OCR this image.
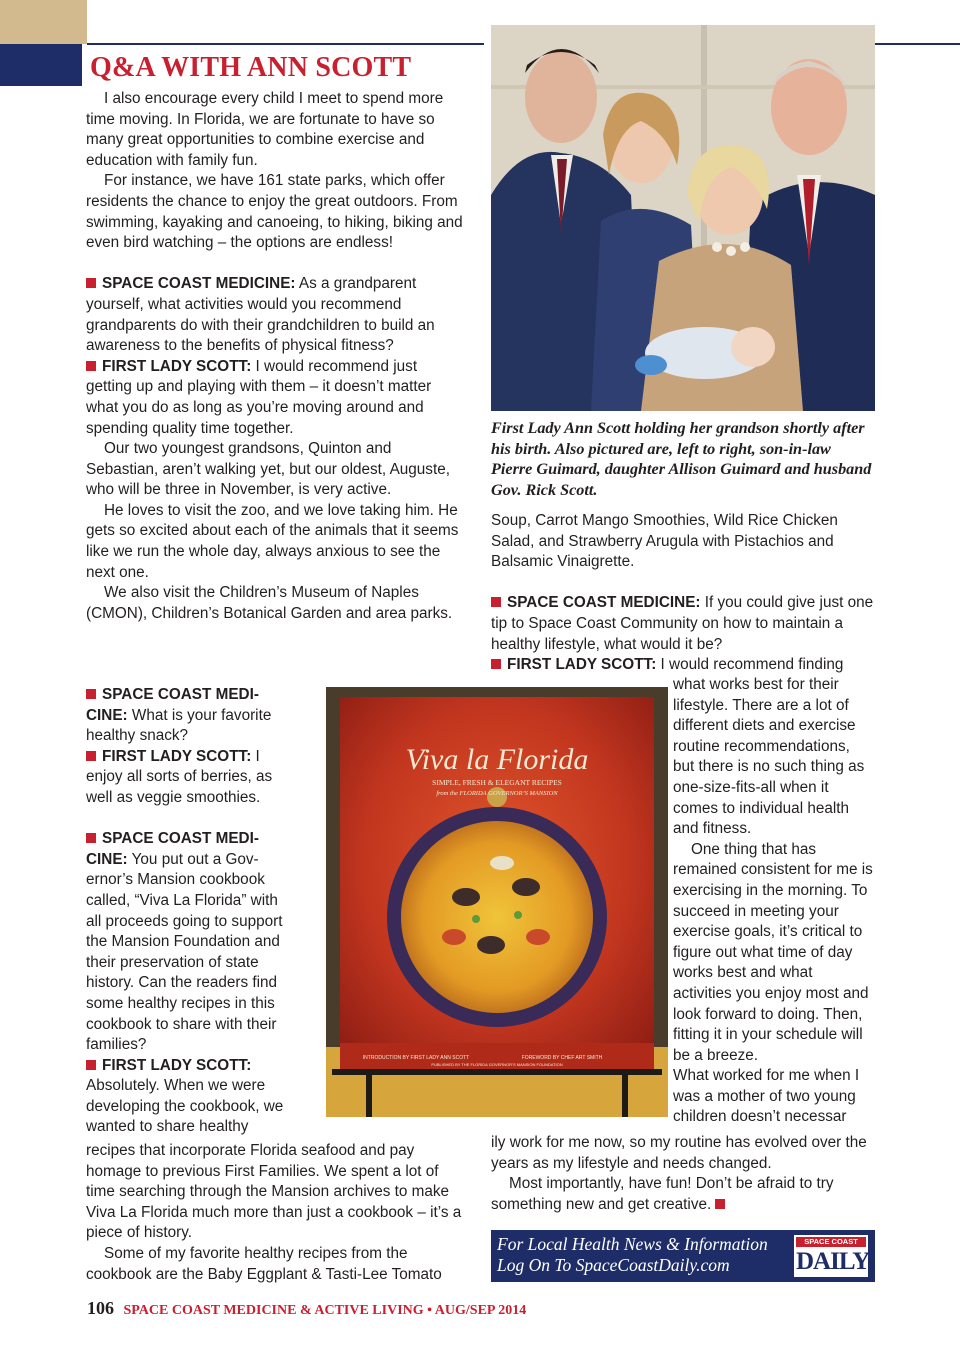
Q&A WITH ANN SCOTT

I also encourage every child I meet to spend more time moving. In Florida, we are fortunate to have so many great opportunities to combine exercise and education with family fun.

For instance, we have 161 state parks, which offer residents the chance to enjoy the great outdoors. From swimming, kayaking and canoeing, to hiking, biking and even bird watching – the options are endless!

SPACE COAST MEDICINE: As a grandparent yourself, what activities would you recommend grandparents do with their grandchildren to build an awareness to the benefits of physical fitness?

FIRST LADY SCOTT: I would recommend just getting up and playing with them – it doesn’t matter what you do as long as you’re moving around and spending quality time together.

Our two youngest grandsons, Quinton and Sebastian, aren’t walking yet, but our oldest, Auguste, who will be three in November, is very active.

He loves to visit the zoo, and we love taking him. He gets so excited about each of the animals that it seems like we run the whole day, always anxious to see the next one.

We also visit the Children’s Museum of Naples (CMON), Children’s Botanical Garden and area parks.

SPACE COAST MEDICINE: What is your favorite healthy snack?

FIRST LADY SCOTT: I enjoy all sorts of berries, as well as veggie smoothies.

SPACE COAST MEDICINE: You put out a Governor’s Mansion cookbook called, “Viva La Florida” with all proceeds going to support the Mansion Foundation and their preservation of state history. Can the readers find some healthy recipes in this cookbook to share with their families?

FIRST LADY SCOTT:

Absolutely. When we were developing the cookbook, we wanted to share healthy

recipes that incorporate Florida seafood and pay homage to previous First Families. We spent a lot of time searching through the Mansion archives to make Viva La Florida much more than just a cookbook – it’s a piece of history.

Some of my favorite healthy recipes from the cookbook are the Baby Eggplant & Tasti-Lee Tomato

First Lady Ann Scott holding her grandson shortly after his birth. Also pictured are, left to right, son-in-law Pierre Guimard, daughter Allison Guimard and husband Gov. Rick Scott.

Soup, Carrot Mango Smoothies, Wild Rice Chicken Salad, and Strawberry Arugula with Pistachios and Balsamic Vinaigrette.

SPACE COAST MEDICINE: If you could give just one tip to Space Coast Community on how to maintain a healthy lifestyle, what would it be?

FIRST LADY SCOTT: I would recommend finding

what works best for their lifestyle. There are a lot of different diets and exercise routine recommendations, but there is no such thing as one-size-fits-all when it comes to individual health and fitness.

One thing that has remained consistent for me is exercising in the morning. To succeed in meeting your exercise goals, it’s critical to figure out what time of day works best and what activities you enjoy most and look forward to doing. Then, fitting it in your schedule will be a breeze.

What worked for me when I was a mother of two young children doesn’t necessar

ily work for me now, so my routine has evolved over the years as my lifestyle and needs changed.

Most importantly, have fun! Don’t be afraid to try something new and get creative.

Viva la Florida
SIMPLE, FRESH & ELEGANT RECIPES
from the FLORIDA GOVERNOR’S MANSION
INTRODUCTION BY FIRST LADY ANN SCOTT	FOREWORD BY CHEF ART SMITH
PUBLISHED BY THE FLORIDA GOVERNOR’S MANSION FOUNDATION

For Local Health News & Information
Log On To SpaceCoastDaily.com

SPACE COAST
DAILY

106 SPACE COAST MEDICINE & ACTIVE LIVING • AUG/SEP 2014
